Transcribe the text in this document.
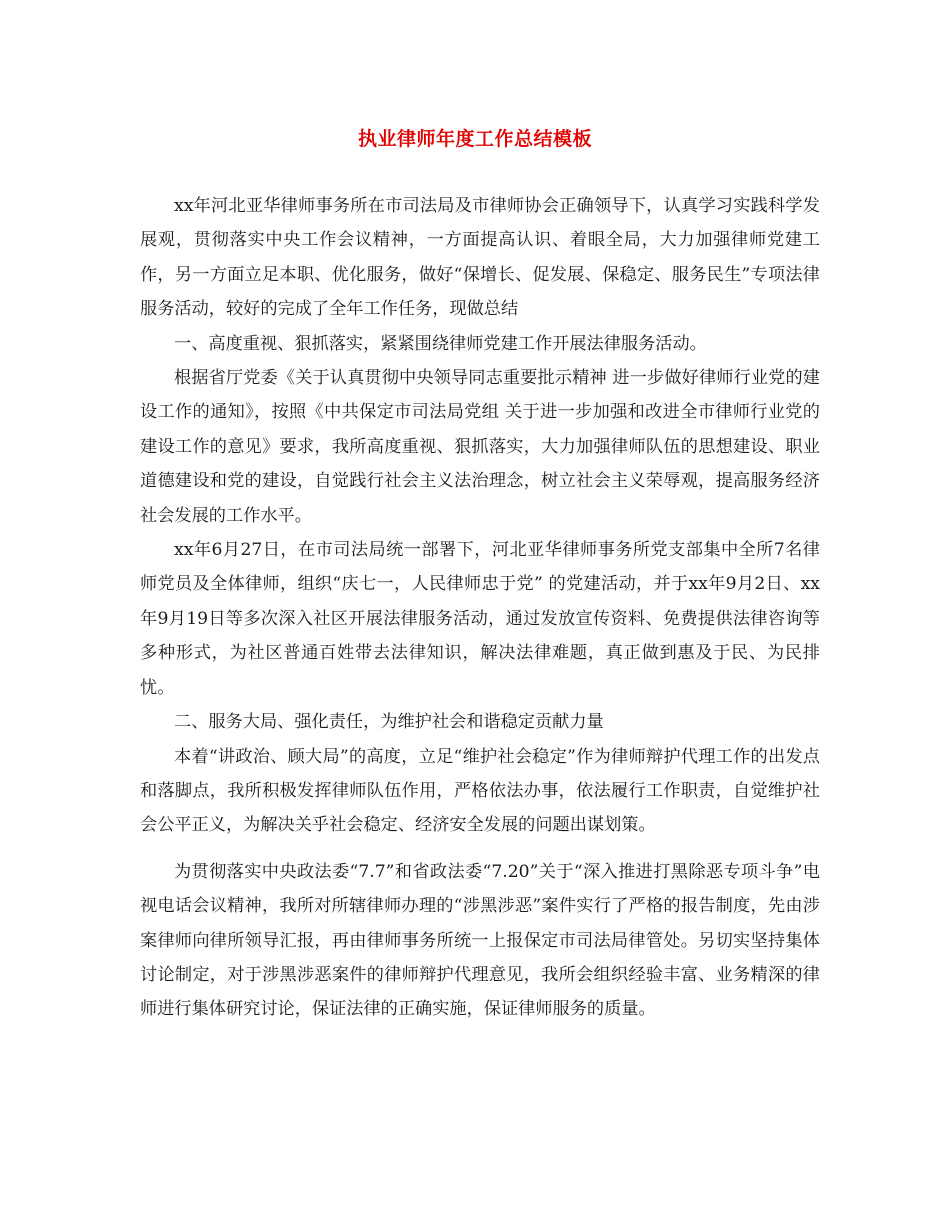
执业律师年度工作总结模板

xx年河北亚华律师事务所在市司法局及市律师协会正确领导下，认真学习实践科学发展观，贯彻落实中央工作会议精神，一方面提高认识、着眼全局，大力加强律师党建工作，另一方面立足本职、优化服务，做好“保增长、促发展、保稳定、服务民生”专项法律服务活动，较好的完成了全年工作任务，现做总结

一、高度重视、狠抓落实，紧紧围绕律师党建工作开展法律服务活动。

根据省厅党委《关于认真贯彻中央领导同志重要批示精神 进一步做好律师行业党的建设工作的通知》，按照《中共保定市司法局党组 关于进一步加强和改进全市律师行业党的建设工作的意见》要求，我所高度重视、狠抓落实，大力加强律师队伍的思想建设、职业道德建设和党的建设，自觉践行社会主义法治理念，树立社会主义荣辱观，提高服务经济社会发展的工作水平。

xx年6月27日，在市司法局统一部署下，河北亚华律师事务所党支部集中全所7名律师党员及全体律师，组织“庆七一，人民律师忠于党” 的党建活动，并于xx年9月2日、xx年9月19日等多次深入社区开展法律服务活动，通过发放宣传资料、免费提供法律咨询等多种形式，为社区普通百姓带去法律知识，解决法律难题，真正做到惠及于民、为民排忧。

二、服务大局、强化责任，为维护社会和谐稳定贡献力量

本着“讲政治、顾大局”的高度，立足“维护社会稳定”作为律师辩护代理工作的出发点和落脚点，我所积极发挥律师队伍作用，严格依法办事，依法履行工作职责，自觉维护社会公平正义，为解决关乎社会稳定、经济安全发展的问题出谋划策。

为贯彻落实中央政法委“7.7”和省政法委“7.20”关于“深入推进打黑除恶专项斗争”电视电话会议精神，我所对所辖律师办理的“涉黑涉恶”案件实行了严格的报告制度，先由涉案律师向律所领导汇报，再由律师事务所统一上报保定市司法局律管处。另切实坚持集体讨论制定，对于涉黑涉恶案件的律师辩护代理意见，我所会组织经验丰富、业务精深的律师进行集体研究讨论，保证法律的正确实施，保证律师服务的质量。
